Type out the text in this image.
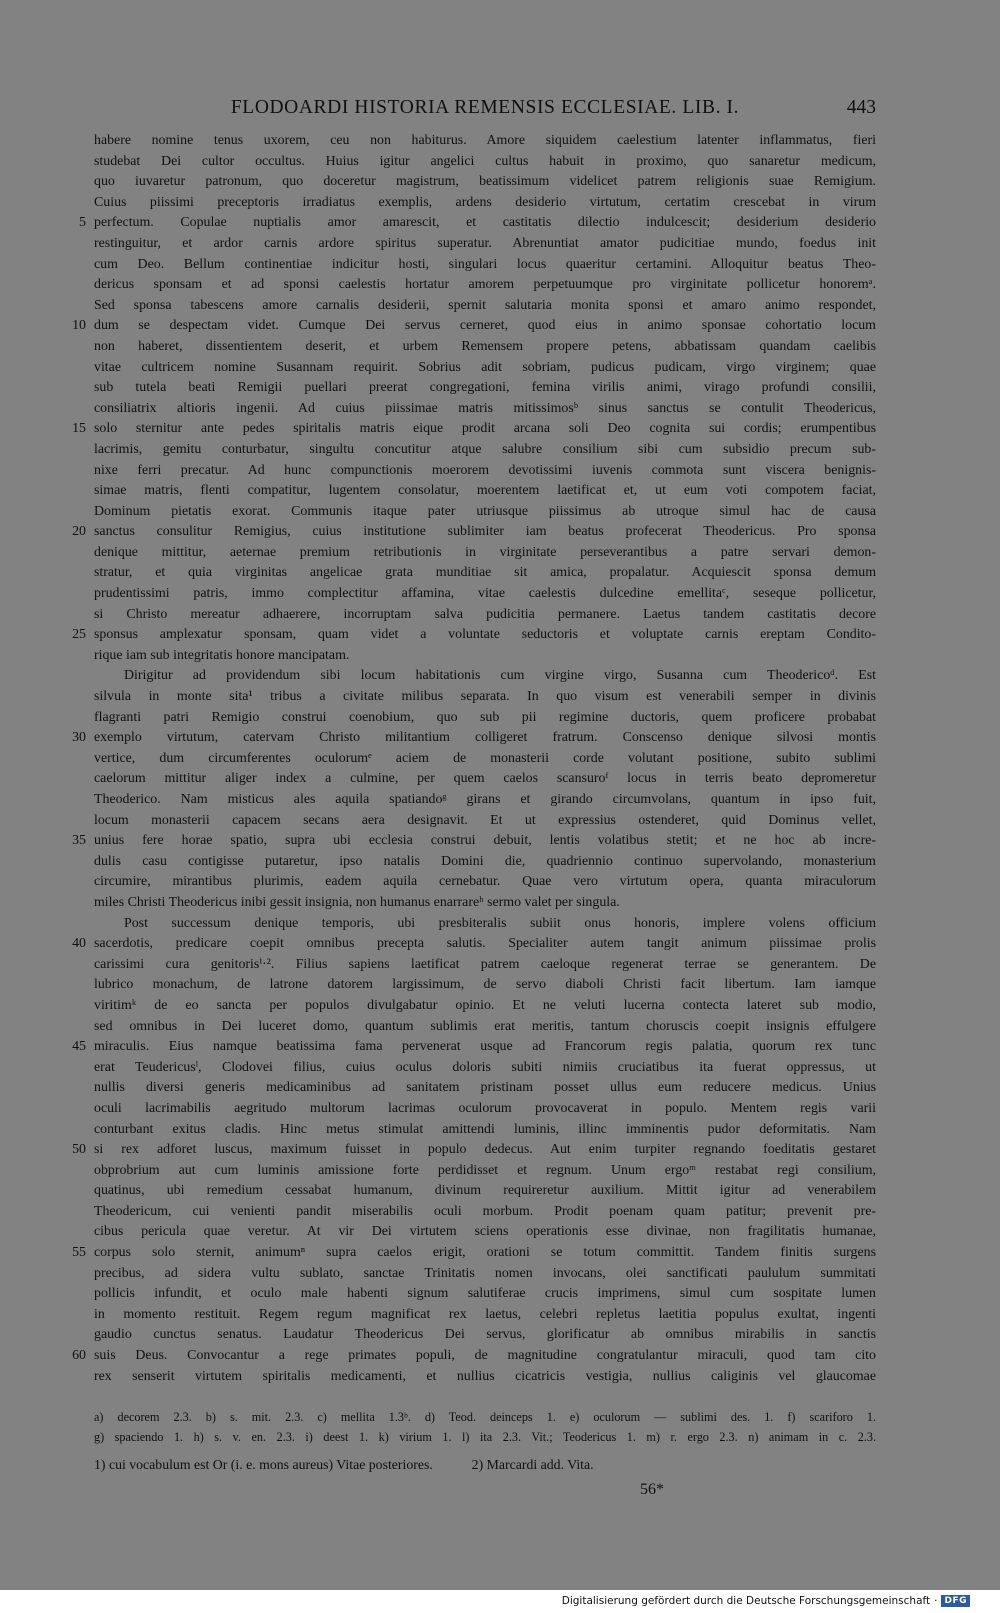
FLODOARDI HISTORIA REMENSIS ECCLESIAE. LIB. I.	443
habere nomine tenus uxorem, ceu non habiturus. Amore siquidem caelestium latenter inflammatus, fieri
studebat Dei cultor occultus. Huius igitur angelici cultus habuit in proximo, quo sanaretur medicum,
quo iuvaretur patronum, quo doceretur magistrum, beatissimum videlicet patrem religionis suae Remigium.
Cuius piissimi preceptoris irradiatus exemplis, ardens desiderio virtutum, certatim crescebat in virum
5 perfectum. Copulae nuptialis amor amarescit, et castitatis dilectio indulcescit; desiderium desiderio
restinguitur, et ardor carnis ardore spiritus superatur. Abrenuntiat amator pudicitiae mundo, foedus init
cum Deo. Bellum continentiae indicitur hosti, singulari locus quaeritur certamini. Alloquitur beatus Theo-
dericus sponsam et ad sponsi caelestis hortatur amorem perpetuumque pro virginitate pollicetur honoremᵃ.
Sed sponsa tabescens amore carnalis desiderii, spernit salutaria monita sponsi et amaro animo respondet,
10 dum se despectam videt. Cumque Dei servus cerneret, quod eius in animo sponsae cohortatio locum
non haberet, dissentientem deserit, et urbem Remensem propere petens, abbatissam quandam caelibis
vitae cultricem nomine Susannam requirit. Sobrius adit sobriam, pudicus pudicam, virgo virginem; quae
sub tutela beati Remigii puellari preerat congregationi, femina virilis animi, virago profundi consilii,
consiliatrix altioris ingenii. Ad cuius piissimae matris mitissimosᵇ sinus sanctus se contulit Theodericus,
15 solo sternitur ante pedes spiritalis matris eique prodit arcana soli Deo cognita sui cordis; erumpentibus
lacrimis, gemitu conturbatur, singultu concutitur atque salubre consilium sibi cum subsidio precum sub-
nixe ferri precatur. Ad hunc compunctionis moerorem devotissimi iuvenis commota sunt viscera benignis-
simae matris, flenti compatitur, lugentem consolatur, moerentem laetificat et, ut eum voti compotem faciat,
Dominum pietatis exorat. Communis itaque pater utriusque piissimus ab utroque simul hac de causa
20 sanctus consulitur Remigius, cuius institutione sublimiter iam beatus profecerat Theodericus. Pro sponsa
denique mittitur, aeternae premium retributionis in virginitate perseverantibus a patre servari demon-
stratur, et quia virginitas angelicae grata munditiae sit amica, propalatur. Acquiescit sponsa demum
prudentissimi patris, immo complectitur affamina, vitae caelestis dulcedine emellitaᶜ, seseque pollicetur,
si Christo mereatur adhaerere, incorruptam salva pudicitia permanere. Laetus tandem castitatis decore
25 sponsus amplexatur sponsam, quam videt a voluntate seductoris et voluptate carnis ereptam Condito-
rique iam sub integritatis honore mancipatam.
Dirigitur ad providendum sibi locum habitationis cum virgine virgo, Susanna cum Theodericoᵈ. Est
silvula in monte sita¹ tribus a civitate milibus separata. In quo visum est venerabili semper in divinis
flagranti patri Remigio construi coenobium, quo sub pii regimine ductoris, quem proficere probabat
30 exemplo virtutum, catervam Christo militantium colligeret fratrum. Conscenso denique silvosi montis
vertice, dum circumferentes oculorumᵉ aciem de monasterii corde volutant positione, subito sublimi
caelorum mittitur aliger index a culmine, per quem caelos scansuroᶠ locus in terris beato depromeretur
Theoderico. Nam misticus ales aquila spatiandoᵍ girans et girando circumvolans, quantum in ipso fuit,
locum monasterii capacem secans aera designavit. Et ut expressius ostenderet, quid Dominus vellet,
35 unius fere horae spatio, supra ubi ecclesia construi debuit, lentis volatibus stetit; et ne hoc ab incre-
dulis casu contigisse putaretur, ipso natalis Domini die, quadriennio continuo supervolando, monasterium
circumire, mirantibus plurimis, eadem aquila cernebatur. Quae vero virtutum opera, quanta miraculorum
miles Christi Theodericus inibi gessit insignia, non humanus enarrareʰ sermo valet per singula.
Post successum denique temporis, ubi presbiteralis subiit onus honoris, implere volens officium
40 sacerdotis, predicare coepit omnibus precepta salutis. Specialiter autem tangit animum piissimae prolis
carissimi cura genitorisⁱ·². Filius sapiens laetificat patrem caeloque regenerat terrae se generantem. De
lubrico monachum, de latrone datorem largissimum, de servo diaboli Christi facit libertum. Iam iamque
viritimᵏ de eo sancta per populos divulgabatur opinio. Et ne veluti lucerna contecta lateret sub modio,
sed omnibus in Dei luceret domo, quantum sublimis erat meritis, tantum choruscis coepit insignis effulgere
45 miraculis. Eius namque beatissima fama pervenerat usque ad Francorum regis palatia, quorum rex tunc
erat Teudericusˡ, Clodovei filius, cuius oculus doloris subiti nimiis cruciatibus ita fuerat oppressus, ut
nullis diversi generis medicaminibus ad sanitatem pristinam posset ullus eum reducere medicus. Unius
oculi lacrimabilis aegritudo multorum lacrimas oculorum provocaverat in populo. Mentem regis varii
conturbant exitus cladis. Hinc metus stimulat amittendi luminis, illinc imminentis pudor deformitatis. Nam
50 si rex adforet luscus, maximum fuisset in populo dedecus. Aut enim turpiter regnando foeditatis gestaret
obprobrium aut cum luminis amissione forte perdidisset et regnum. Unum ergoᵐ restabat regi consilium,
quatinus, ubi remedium cessabat humanum, divinum requireretur auxilium. Mittit igitur ad venerabilem
Theodericum, cui venienti pandit miserabilis oculi morbum. Prodit poenam quam patitur; prevenit pre-
cibus pericula quae veretur. At vir Dei virtutem sciens operationis esse divinae, non fragilitatis humanae,
55 corpus solo sternit, animumⁿ supra caelos erigit, orationi se totum committit. Tandem finitis surgens
precibus, ad sidera vultu sublato, sanctae Trinitatis nomen invocans, olei sanctificati paululum summitati
pollicis infundit, et oculo male habenti signum salutiferae crucis imprimens, simul cum sospitate lumen
in momento restituit. Regem regum magnificat rex laetus, celebri repletus laetitia populus exultat, ingenti
gaudio cunctus senatus. Laudatur Theodericus Dei servus, glorificatur ab omnibus mirabilis in sanctis
60 suis Deus. Convocantur a rege primates populi, de magnitudine congratulantur miraculi, quod tam cito
rex senserit virtutem spiritalis medicamenti, et nullius cicatricis vestigia, nullius caliginis vel glaucomae
a) decorem 2.3. b) s. mit. 2.3. c) mellita 1.3ᵇ. d) Teod. deinceps 1. e) oculorum — sublimi des. 1. f) scariforo 1.
g) spaciendo 1. h) s. v. en. 2.3. i) deest 1. k) virium 1. l) ita 2.3. Vit.; Teodericus 1. m) r. ergo 2.3. n) animam in c. 2.3.
1) cui vocabulum est Or (i. e. mons aureus) Vitae posteriores.	2) Marcardi add. Vita.
56*
Digitalisierung gefördert durch die Deutsche Forschungsgemeinschaft · DFG
